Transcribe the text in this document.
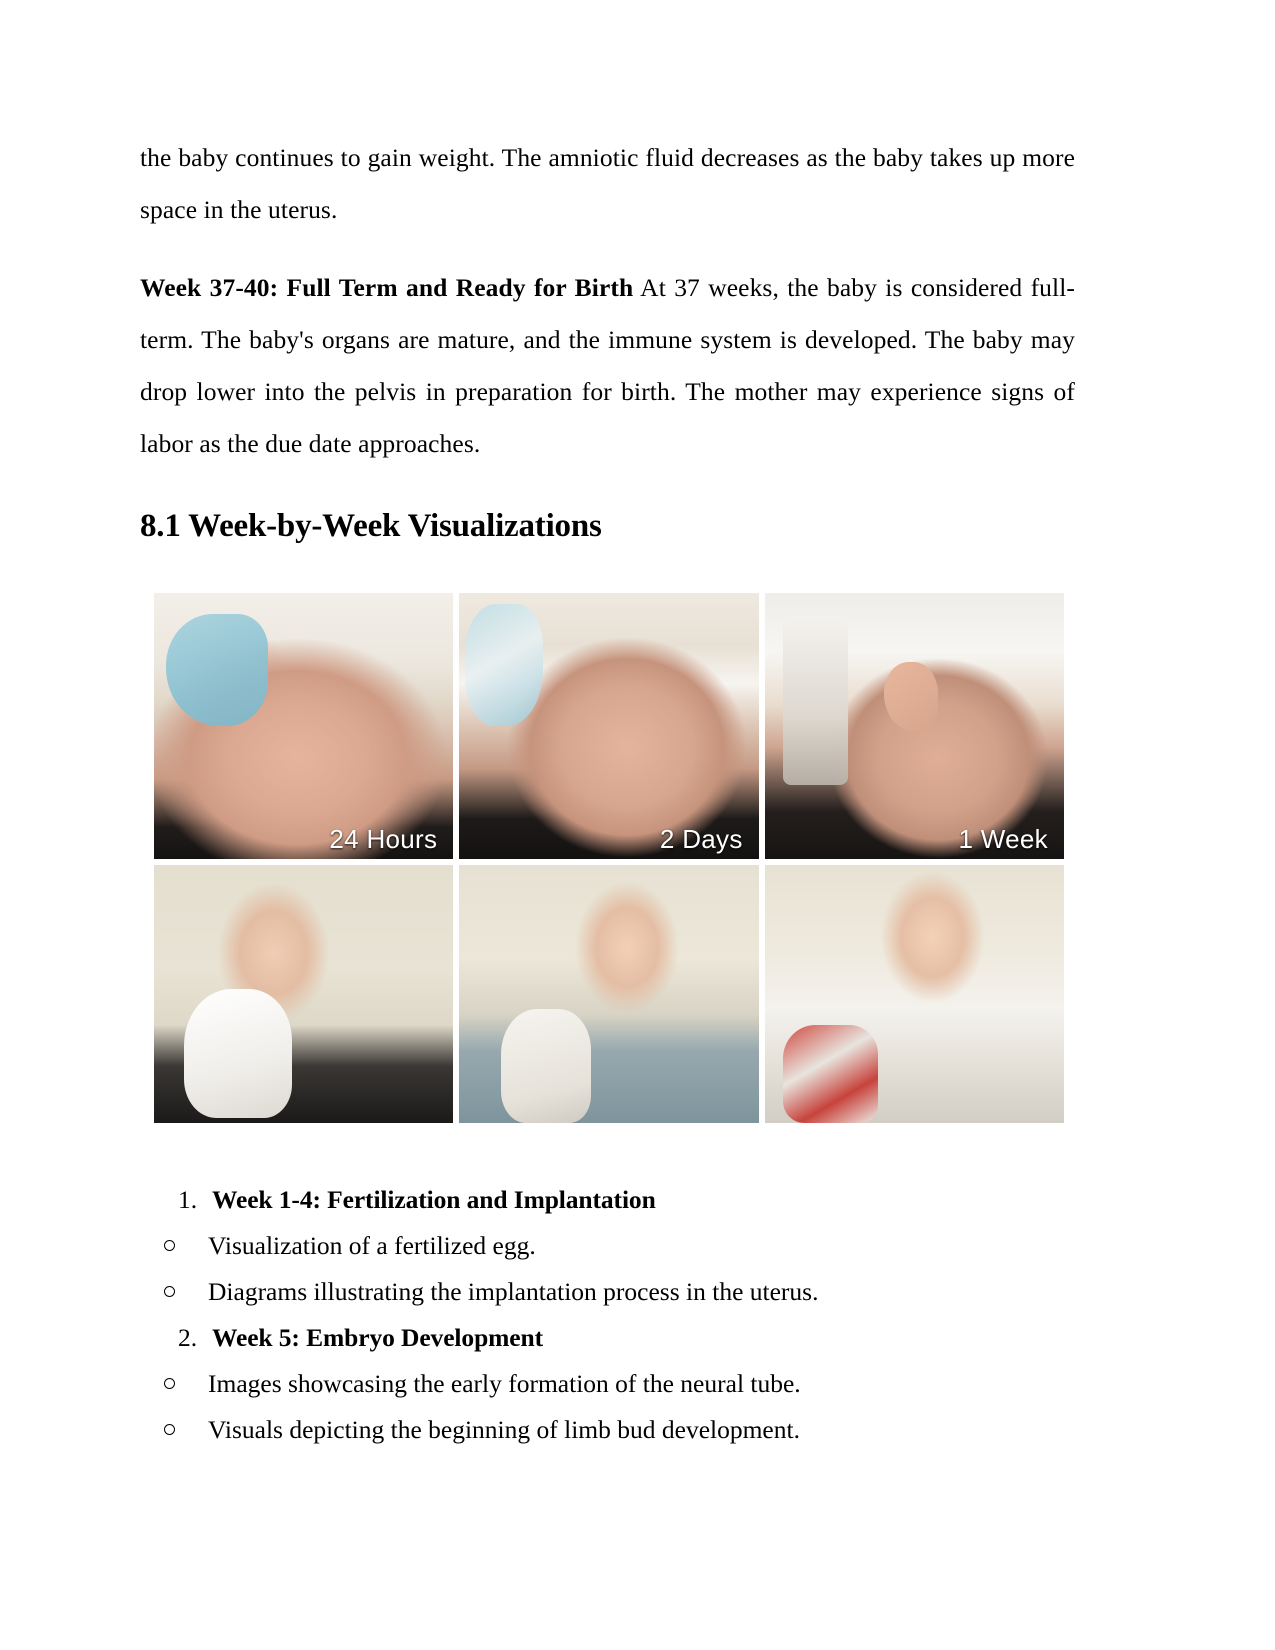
the baby continues to gain weight. The amniotic fluid decreases as the baby takes up more space in the uterus.

Week 37-40: Full Term and Ready for Birth At 37 weeks, the baby is considered full-term. The baby's organs are mature, and the immune system is developed. The baby may drop lower into the pelvis in preparation for birth. The mother may experience signs of labor as the due date approaches.

8.1 Week-by-Week Visualizations
24 Hours	2 Days	1 Week
1. Week 1-4: Fertilization and Implantation
Visualization of a fertilized egg.
Diagrams illustrating the implantation process in the uterus.
2. Week 5: Embryo Development
Images showcasing the early formation of the neural tube.
Visuals depicting the beginning of limb bud development.
